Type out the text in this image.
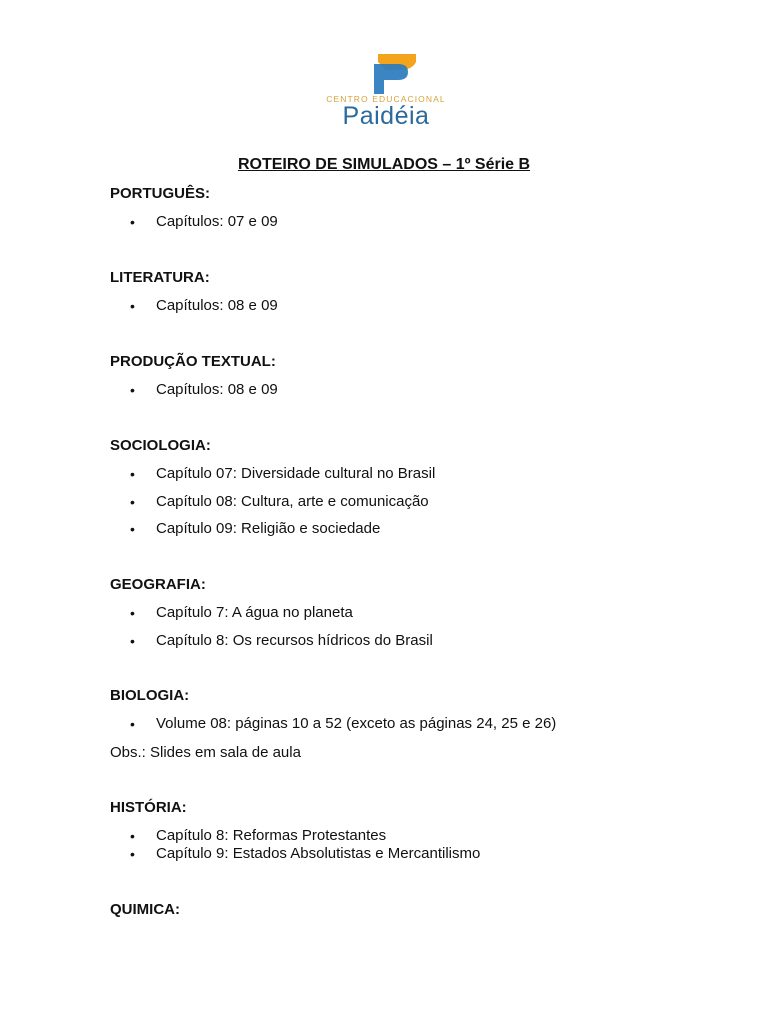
CENTRO EDUCACIONAL
Paidéia
ROTEIRO DE SIMULADOS – 1º Série B
PORTUGUÊS:
• Capítulos: 07 e 09
LITERATURA:
• Capítulos: 08 e 09
PRODUÇÃO TEXTUAL:
• Capítulos: 08 e 09
SOCIOLOGIA:
• Capítulo 07: Diversidade cultural no Brasil
• Capítulo 08: Cultura, arte e comunicação
• Capítulo 09: Religião e sociedade
GEOGRAFIA:
• Capítulo 7: A água no planeta
• Capítulo 8: Os recursos hídricos do Brasil
BIOLOGIA:
• Volume 08: páginas 10 a 52 (exceto as páginas 24, 25 e 26)
Obs.: Slides em sala de aula
HISTÓRIA:
• Capítulo 8: Reformas Protestantes
• Capítulo 9: Estados Absolutistas e Mercantilismo
QUIMICA:
